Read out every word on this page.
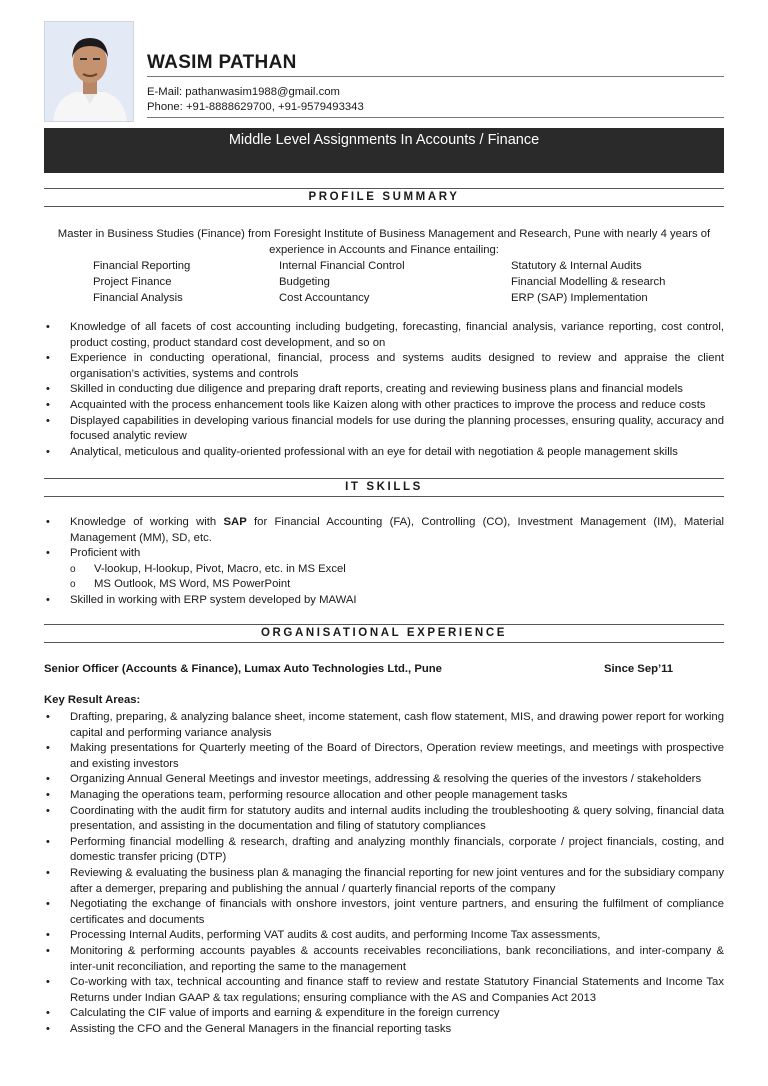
WASIM PATHAN
E-Mail: pathanwasim1988@gmail.com
Phone: +91-8888629700, +91-9579493343
Middle Level Assignments In Accounts / Finance
PROFILE SUMMARY
Master in Business Studies (Finance) from Foresight Institute of Business Management and Research, Pune with nearly 4 years of experience in Accounts and Finance entailing:
Financial Reporting	Internal Financial Control	Statutory & Internal Audits
Project Finance	Budgeting	Financial Modelling & research
Financial Analysis	Cost Accountancy	ERP (SAP) Implementation
• Knowledge of all facets of cost accounting including budgeting, forecasting, financial analysis, variance reporting, cost control, product costing, product standard cost development, and so on
• Experience in conducting operational, financial, process and systems audits designed to review and appraise the client organisation’s activities, systems and controls
• Skilled in conducting due diligence and preparing draft reports, creating and reviewing business plans and financial models
• Acquainted with the process enhancement tools like Kaizen along with other practices to improve the process and reduce costs
• Displayed capabilities in developing various financial models for use during the planning processes, ensuring quality, accuracy and focused analytic review
• Analytical, meticulous and quality-oriented professional with an eye for detail with negotiation & people management skills
IT SKILLS
• Knowledge of working with SAP for Financial Accounting (FA), Controlling (CO), Investment Management (IM), Material Management (MM), SD, etc.
• Proficient with
o V-lookup, H-lookup, Pivot, Macro, etc. in MS Excel
o MS Outlook, MS Word, MS PowerPoint
• Skilled in working with ERP system developed by MAWAI
ORGANISATIONAL EXPERIENCE
Senior Officer (Accounts & Finance), Lumax Auto Technologies Ltd., Pune	Since Sep’11
Key Result Areas:
• Drafting, preparing, & analyzing balance sheet, income statement, cash flow statement, MIS, and drawing power report for working capital and performing variance analysis
• Making presentations for Quarterly meeting of the Board of Directors, Operation review meetings, and meetings with prospective and existing investors
• Organizing Annual General Meetings and investor meetings, addressing & resolving the queries of the investors / stakeholders
• Managing the operations team, performing resource allocation and other people management tasks
• Coordinating with the audit firm for statutory audits and internal audits including the troubleshooting & query solving, financial data presentation, and assisting in the documentation and filing of statutory compliances
• Performing financial modelling & research, drafting and analyzing monthly financials, corporate / project financials, costing, and domestic transfer pricing (DTP)
• Reviewing & evaluating the business plan & managing the financial reporting for new joint ventures and for the subsidiary company after a demerger, preparing and publishing the annual / quarterly financial reports of the company
• Negotiating the exchange of financials with onshore investors, joint venture partners, and ensuring the fulfilment of compliance certificates and documents
• Processing Internal Audits, performing VAT audits & cost audits, and performing Income Tax assessments,
• Monitoring & performing accounts payables & accounts receivables reconciliations, bank reconciliations, and inter-company & inter-unit reconciliation, and reporting the same to the management
• Co-working with tax, technical accounting and finance staff to review and restate Statutory Financial Statements and Income Tax Returns under Indian GAAP & tax regulations; ensuring compliance with the AS and Companies Act 2013
• Calculating the CIF value of imports and earning & expenditure in the foreign currency
• Assisting the CFO and the General Managers in the financial reporting tasks
